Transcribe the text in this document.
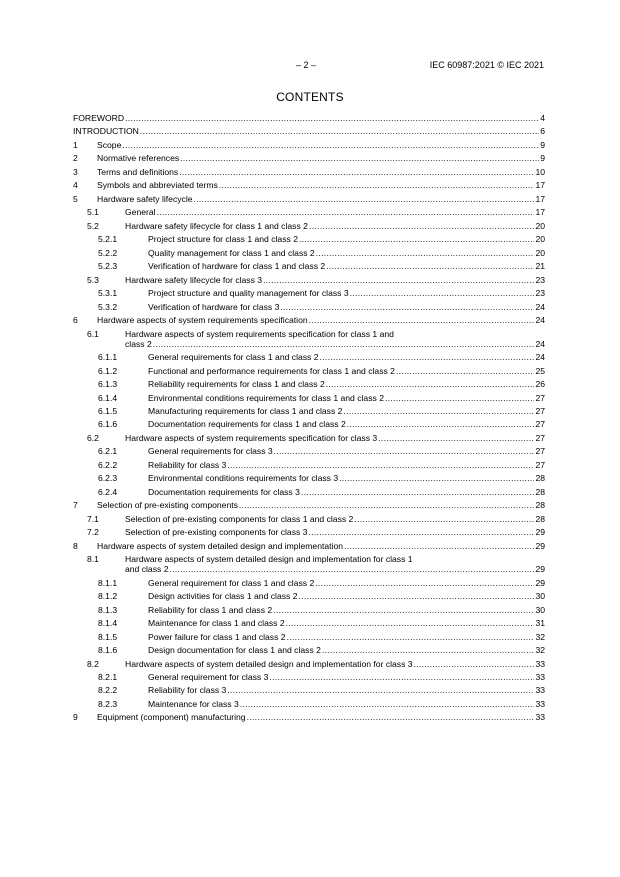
– 2 –	IEC 60987:2021 © IEC 2021
CONTENTS
FOREWORD .....	4
INTRODUCTION .....	6
1 Scope .....	9
2 Normative references .....	9
3 Terms and definitions .....	10
4 Symbols and abbreviated terms .....	17
5 Hardware safety lifecycle .....	17
5.1	General .....	17
5.2	Hardware safety lifecycle for class 1 and class 2 .....	20
5.2.1	Project structure for class 1 and class 2 .....	20
5.2.2	Quality management for class 1 and class 2 .....	20
5.2.3	Verification of hardware for class 1 and class 2 .....	21
5.3	Hardware safety lifecycle for class 3 .....	23
5.3.1	Project structure and quality management for class 3 .....	23
5.3.2	Verification of hardware for class 3 .....	24
6 Hardware aspects of system requirements specification .....	24
6.1	Hardware aspects of system requirements specification for class 1 and
class 2 .....	24
6.1.1	General requirements for class 1 and class 2 .....	24
6.1.2	Functional and performance requirements for class 1 and class 2 .....	25
6.1.3	Reliability requirements for class 1 and class 2 .....	26
6.1.4	Environmental conditions requirements for class 1 and class 2 .....	27
6.1.5	Manufacturing requirements for class 1 and class 2 .....	27
6.1.6	Documentation requirements for class 1 and class 2 .....	27
6.2	Hardware aspects of system requirements specification for class 3 .....	27
6.2.1	General requirements for class 3 .....	27
6.2.2	Reliability for class 3 .....	27
6.2.3	Environmental conditions requirements for class 3 .....	28
6.2.4	Documentation requirements for class 3 .....	28
7 Selection of pre-existing components .....	28
7.1	Selection of pre-existing components for class 1 and class 2 .....	28
7.2	Selection of pre-existing components for class 3 .....	29
8 Hardware aspects of system detailed design and implementation .....	29
8.1	Hardware aspects of system detailed design and implementation for class 1
and class 2 .....	29
8.1.1	General requirement for class 1 and class 2 .....	29
8.1.2	Design activities for class 1 and class 2 .....	30
8.1.3	Reliability for class 1 and class 2 .....	30
8.1.4	Maintenance for class 1 and class 2 .....	31
8.1.5	Power failure for class 1 and class 2 .....	32
8.1.6	Design documentation for class 1 and class 2 .....	32
8.2	Hardware aspects of system detailed design and implementation for class 3 .....	33
8.2.1	General requirement for class 3 .....	33
8.2.2	Reliability for class 3 .....	33
8.2.3	Maintenance for class 3 .....	33
9 Equipment (component) manufacturing .....	33
